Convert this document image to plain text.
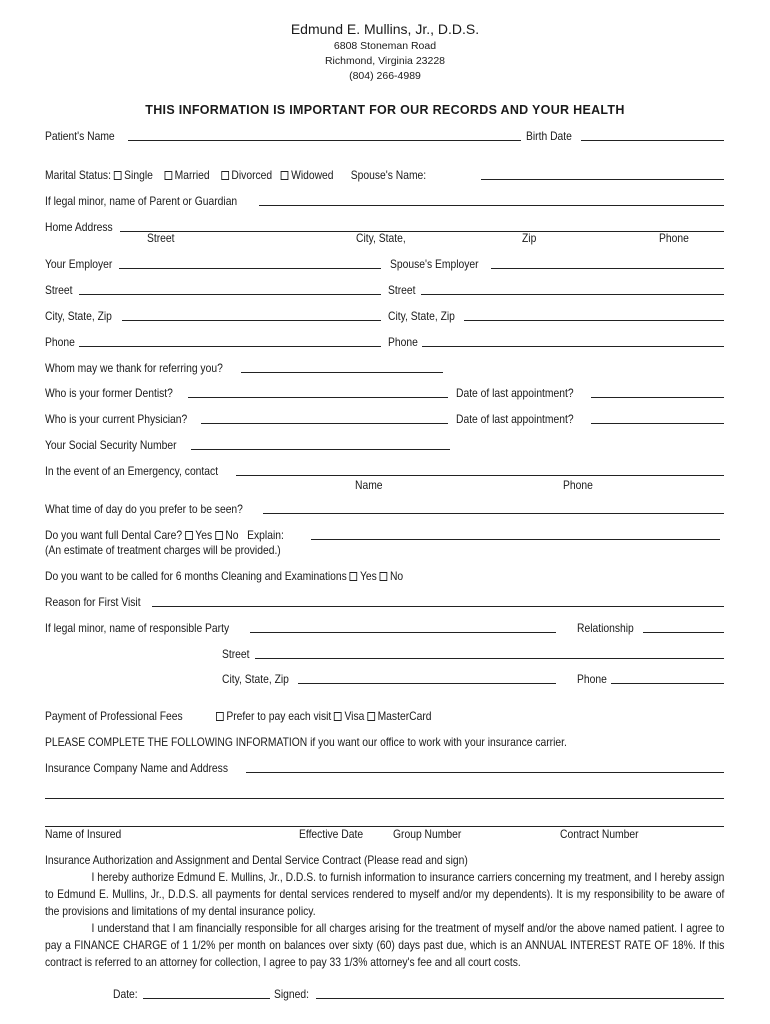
Edmund E. Mullins, Jr., D.D.S.
6808 Stoneman Road
Richmond, Virginia 23228
(804) 266-4989
THIS INFORMATION IS IMPORTANT FOR OUR RECORDS AND YOUR HEALTH
Patient's Name	Birth Date
Marital Status: Single Married Divorced Widowed Spouse's Name:
If legal minor, name of Parent or Guardian
Home Address
Street	City, State,	Zip	Phone
Your Employer	Spouse's Employer
Street	Street
City, State, Zip	City, State, Zip
Phone	Phone
Whom may we thank for referring you?
Who is your former Dentist?	Date of last appointment?
Who is your current Physician?	Date of last appointment?
Your Social Security Number
In the event of an Emergency, contact
Name	Phone
What time of day do you prefer to be seen?
Do you want full Dental Care? Yes No Explain:
(An estimate of treatment charges will be provided.)
Do you want to be called for 6 months Cleaning and Examinations Yes No
Reason for First Visit
If legal minor, name of responsible Party	Relationship
Street
City, State, Zip	Phone
Payment of Professional Fees	Prefer to pay each visit Visa MasterCard
PLEASE COMPLETE THE FOLLOWING INFORMATION if you want our office to work with your insurance carrier.
Insurance Company Name and Address
Name of Insured	Effective Date Group Number	Contract Number
Insurance Authorization and Assignment and Dental Service Contract (Please read and sign)
I hereby authorize Edmund E. Mullins, Jr., D.D.S. to furnish information to insurance carriers concerning my treatment, and I hereby assign to Edmund E. Mullins, Jr., D.D.S. all payments for dental services rendered to myself and/or my dependents). It is my responsibility to be aware of the provisions and limitations of my dental insurance policy.
I understand that I am financially responsible for all charges arising for the treatment of myself and/or the above named patient. I agree to pay a FINANCE CHARGE of 1 1/2% per month on balances over sixty (60) days past due, which is an ANNUAL INTEREST RATE OF 18%. If this contract is referred to an attorney for collection, I agree to pay 33 1/3% attorney's fee and all court costs.
Date:	Signed:
